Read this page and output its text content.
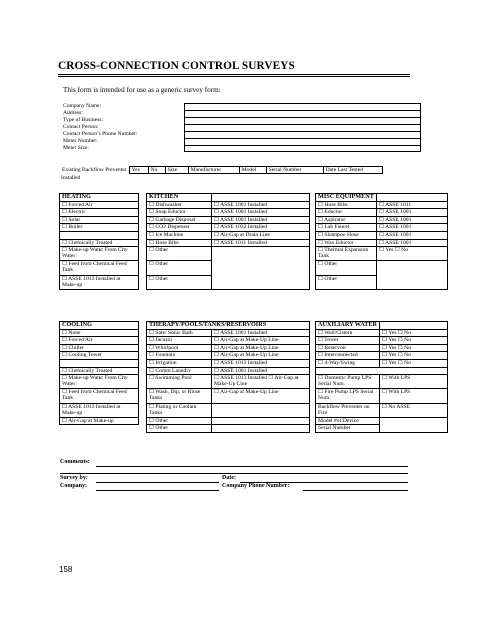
CROSS-CONNECTION CONTROL SURVEYS
This form is intended for use as a generic survey form:
Company Name:
Address:
Type of Business:
Contact Person:
Contact Person’s Phone Number:
Meter Number:
Meter Size:
Existing Backflow Preventer	Yes	No	Size	Manufacturer	Model	Serial Number	Date Last Tested
Installed
HEATING
☐ Forced Air
☐ Electric
☐ Solar
☐ Boiler

☐ Chemically Treated
☐ Make-up Water From City Water
☐ Feed from Chemical Feed Tank
☐ ASSE 1013 Installed at Make-up
KITCHEN	
☐ Dishwasher	☐ ASSE 1001 Installed
☐ Soap Eductor	☐ ASSE 1001 Installed
☐ Garbage Disposal	☐ ASSE 1001 Installed
☐ CO2 Dispenser	☐ ASSE 1032 Installed
☐ Ice Machine	☐ Air-Gap at Drain Line
☐ Hose Bibs	☐ ASSE 1011 Installed
☐ Other	
☐ Other	
☐ Other	
MISC EQUIPMENT	
☐ Hose Bibs	☐ ASSE 1011
☐ Eductor	☐ ASSE 1001
☐ Aspirator	☐ ASSE 1001
☐ Lab Faucet	☐ ASSE 1001
☐ Shampoo Hose	☐ ASSE 1001
☐ Wax Eductor	☐ ASSE 1001
☐ Thermal Expansion Tank	☐ Yes ☐ No
☐ Other	
☐ Other	
COOLING
☐ None
☐ Forced Air
☐ Chiller
☐ Cooling Tower

☐ Chemically Treated
☐ Make-up Water From City Water
☐ Feed from Chemical Feed Tank
☐ ASSE 1013 Installed at Make-up
☐ Air-Gap at Make-up
THERAPY/POOLS/TANKS/RESERVOIRS	
☐ Sate/ Sonic Bath	☐ ASSE 1001 Installed
☐ Jacuzzi	☐ Air-Gap at Make-Up Line
☐ Whirlpool	☐ Air-Gap at Make-Up Line
☐ Fountain	☐ Air-Gap at Make-Up Line
☐ Irrigation	☐ ASSE 1013 Installed
☐ Comm Laundry	☐ ASSE 1001 Installed
☐ Swimming Pool	☐ ASSE 1013 Installed ☐ Air-Gap at Make-Up Line
☐ Wash, Dip, or Rinse Tanks	☐ Air-Gap at Make-Up Line
☐ Plating or Coolant Tanks	
☐ Other	
☐ Other	
AUXILIARY WATER	
☐ Well/Cistern	☐ Yes ☐ No
☐ Tower	☐ Yes ☐ No
☐ Reservoir	☐ Yes ☐ No
☐ Interconnected	☐ Yes ☐ No
☐ 4-Way/Swing	☐ Yes ☐ No

☐ Domestic Pump LPS Serial Num.	☐ With LPS
☐ Fire Pump LPS Serial Num.	☐ With LPS
Backflow Preventer on Fire	☐ No ASSE
Model #of Device	
Serial Number	
Comments:
Survey by:	Date:
Company:	Company Phone Number:
158
